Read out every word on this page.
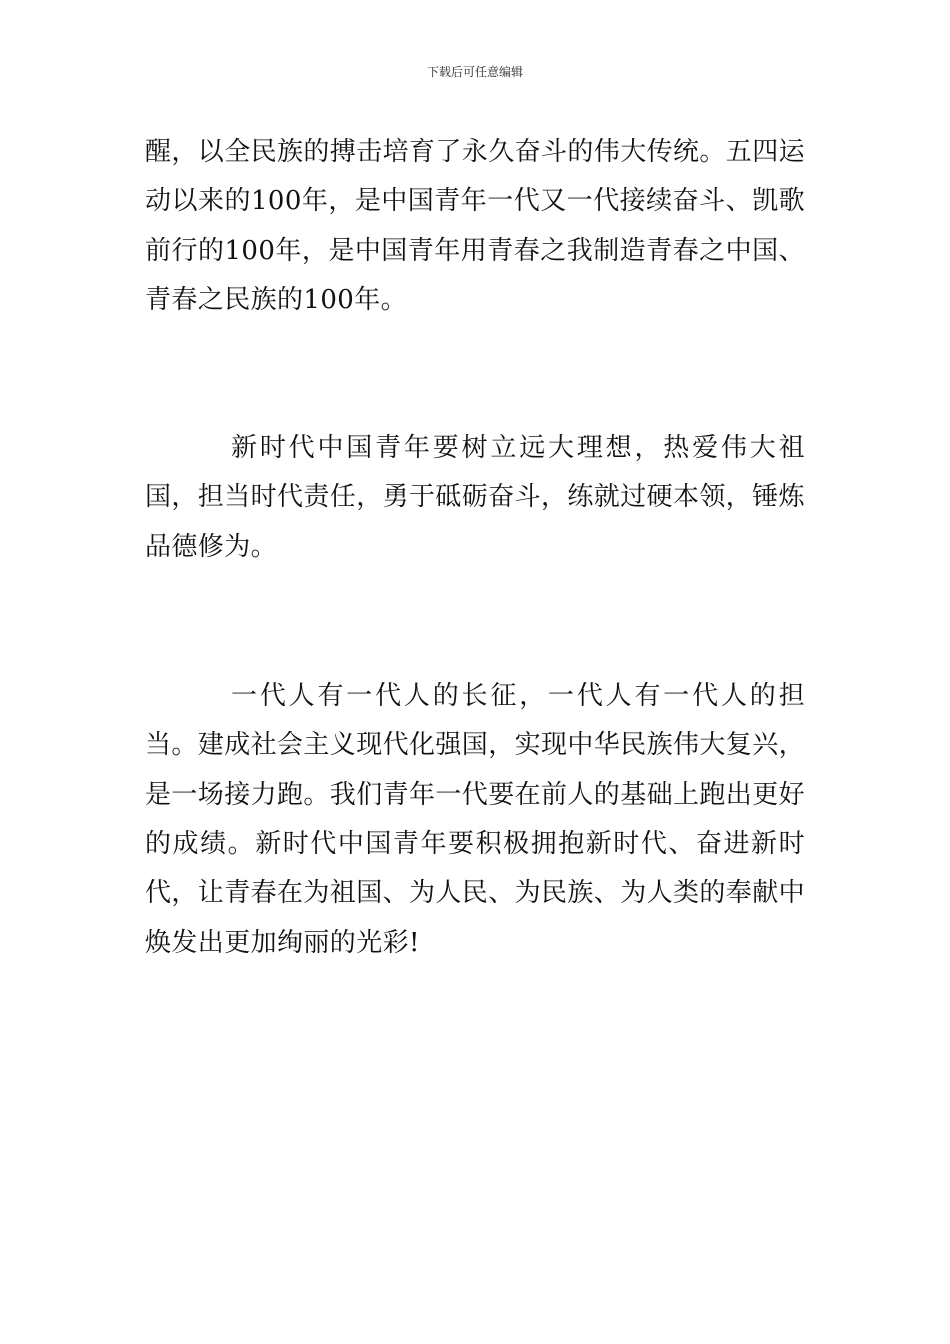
下载后可任意编辑

醒，以全民族的搏击培育了永久奋斗的伟大传统。五四运动以来的100年，是中国青年一代又一代接续奋斗、凯歌前行的100年，是中国青年用青春之我制造青春之中国、青春之民族的100年。

新时代中国青年要树立远大理想，热爱伟大祖国，担当时代责任，勇于砥砺奋斗，练就过硬本领，锤炼品德修为。

一代人有一代人的长征，一代人有一代人的担当。建成社会主义现代化强国，实现中华民族伟大复兴，是一场接力跑。我们青年一代要在前人的基础上跑出更好的成绩。新时代中国青年要积极拥抱新时代、奋进新时代，让青春在为祖国、为人民、为民族、为人类的奉献中焕发出更加绚丽的光彩!
